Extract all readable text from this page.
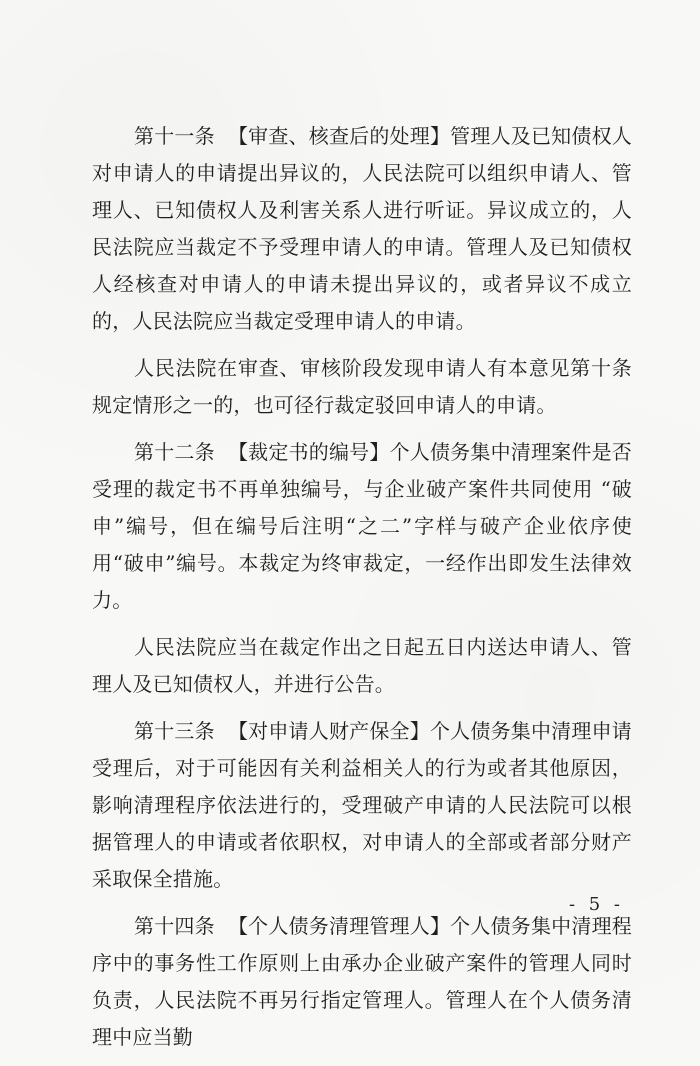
第十一条 【审查、核查后的处理】管理人及已知债权人对申请人的申请提出异议的，人民法院可以组织申请人、管理人、已知债权人及利害关系人进行听证。异议成立的，人民法院应当裁定不予受理申请人的申请。管理人及已知债权人经核查对申请人的申请未提出异议的，或者异议不成立的，人民法院应当裁定受理申请人的申请。

人民法院在审查、审核阶段发现申请人有本意见第十条规定情形之一的，也可径行裁定驳回申请人的申请。

第十二条 【裁定书的编号】个人债务集中清理案件是否受理的裁定书不再单独编号，与企业破产案件共同使用 “破申”编号，但在编号后注明“之二”字样与破产企业依序使用“破申”编号。本裁定为终审裁定，一经作出即发生法律效力。

人民法院应当在裁定作出之日起五日内送达申请人、管理人及已知债权人，并进行公告。

第十三条 【对申请人财产保全】个人债务集中清理申请受理后，对于可能因有关利益相关人的行为或者其他原因，影响清理程序依法进行的，受理破产申请的人民法院可以根据管理人的申请或者依职权，对申请人的全部或者部分财产采取保全措施。

第十四条 【个人债务清理管理人】个人债务集中清理程序中的事务性工作原则上由承办企业破产案件的管理人同时负责，人民法院不再另行指定管理人。管理人在个人债务清理中应当勤

- 5 -
